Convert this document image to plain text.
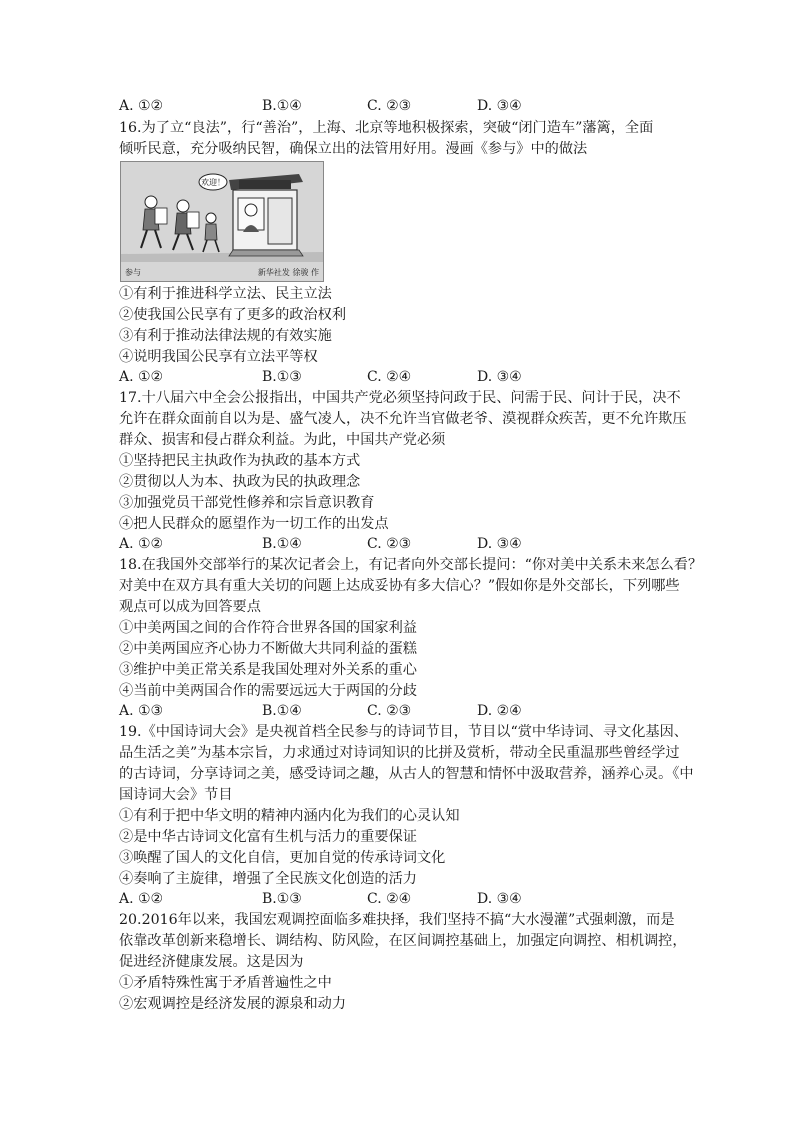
A. ①②	B.①④	C. ②③	D. ③④
16.为了立“良法”，行“善治”，上海、北京等地积极探索，突破“闭门造车”藩篱，全面
倾听民意，充分吸纳民智，确保立出的法管用好用。漫画《参与》中的做法
欢迎！
参与	新华社发 徐骏 作
①有利于推进科学立法、民主立法
②使我国公民享有了更多的政治权利
③有利于推动法律法规的有效实施
④说明我国公民享有立法平等权
A. ①②	B.①③	C. ②④	D. ③④
17.十八届六中全会公报指出，中国共产党必须坚持问政于民、问需于民、问计于民，决不
允许在群众面前自以为是、盛气凌人，决不允许当官做老爷、漠视群众疾苦，更不允许欺压
群众、损害和侵占群众利益。为此，中国共产党必须
①坚持把民主执政作为执政的基本方式
②贯彻以人为本、执政为民的执政理念
③加强党员干部党性修养和宗旨意识教育
④把人民群众的愿望作为一切工作的出发点
A. ①②	B.①④	C. ②③	D. ③④
18.在我国外交部举行的某次记者会上，有记者向外交部长提问：“你对美中关系未来怎么看？
对美中在双方具有重大关切的问题上达成妥协有多大信心？”假如你是外交部长，下列哪些
观点可以成为回答要点
①中美两国之间的合作符合世界各国的国家利益
②中美两国应齐心协力不断做大共同利益的蛋糕
③维护中美正常关系是我国处理对外关系的重心
④当前中美两国合作的需要远远大于两国的分歧
A. ①③	B.①④	C. ②③	D. ②④
19.《中国诗词大会》是央视首档全民参与的诗词节目，节目以“赏中华诗词、寻文化基因、
品生活之美”为基本宗旨，力求通过对诗词知识的比拼及赏析，带动全民重温那些曾经学过
的古诗词，分享诗词之美，感受诗词之趣，从古人的智慧和情怀中汲取营养，涵养心灵。《中
国诗词大会》节目
①有利于把中华文明的精神内涵内化为我们的心灵认知
②是中华古诗词文化富有生机与活力的重要保证
③唤醒了国人的文化自信，更加自觉的传承诗词文化
④奏响了主旋律，增强了全民族文化创造的活力
A. ①②	B.①③	C. ②④	D. ③④
20.2016年以来，我国宏观调控面临多难抉择，我们坚持不搞“大水漫灌”式强刺激，而是
依靠改革创新来稳增长、调结构、防风险，在区间调控基础上，加强定向调控、相机调控，
促进经济健康发展。这是因为
①矛盾特殊性寓于矛盾普遍性之中
②宏观调控是经济发展的源泉和动力
